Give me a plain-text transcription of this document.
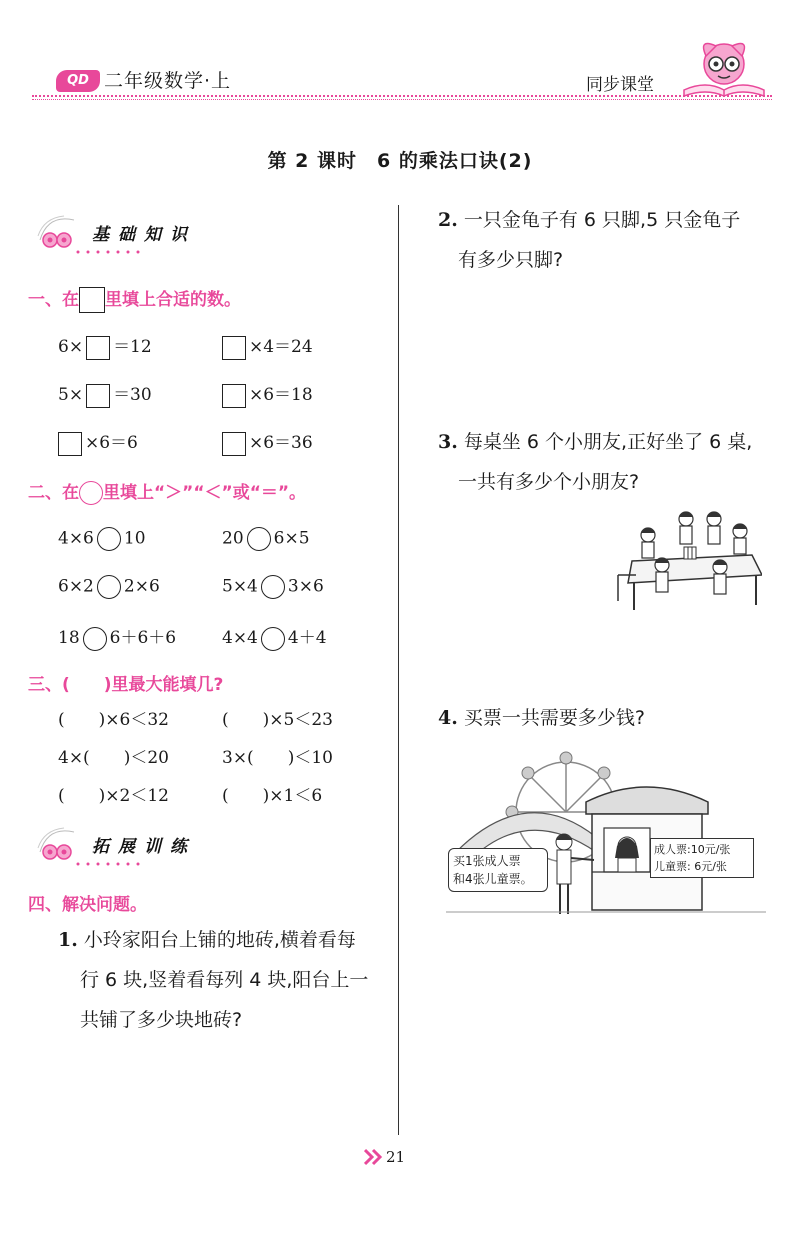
QD 二年级数学·上	同步课堂
第 2 课时　6 的乘法口诀(2)
基础知识
一、在 里填上合适的数。
6× ＝12	×4＝24
5× ＝30	×6＝18
×6＝6	×6＝36
二、在 里填上“＞”“＜”或“＝”。
4×6 10	20 6×5
6×2 2×6	5×4 3×6
18 6＋6＋6	4×4 4＋4
三、(　　)里最大能填几?
(　　)×6＜32	(　　)×5＜23
4×(　　)＜20	3×(　　)＜10
(　　)×2＜12	(　　)×1＜6
拓展训练
四、解决问题。
1. 小玲家阳台上铺的地砖,横着看每
行 6 块,竖着看每列 4 块,阳台上一
共铺了多少块地砖?
2. 一只金龟子有 6 只脚,5 只金龟子
有多少只脚?
3. 每桌坐 6 个小朋友,正好坐了 6 桌,
一共有多少个小朋友?
4. 买票一共需要多少钱?
买1张成人票
和4张儿童票。
成人票:10元/张
儿童票: 6元/张
21
